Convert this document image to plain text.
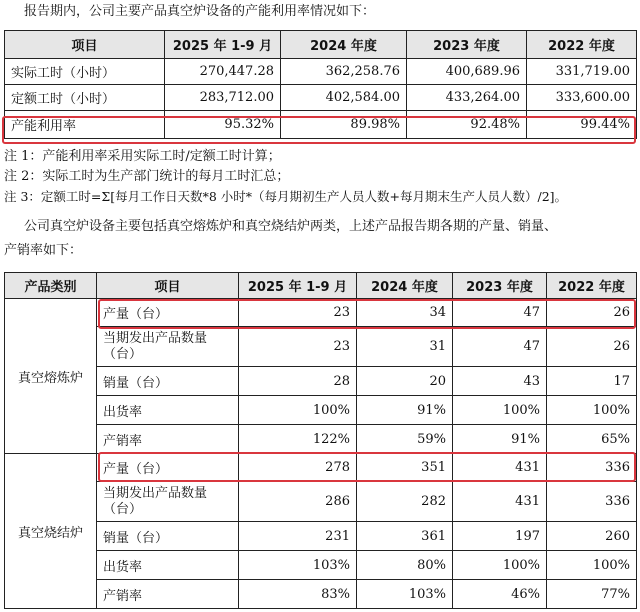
报告期内，公司主要产品真空炉设备的产能利用率情况如下：
项目	2025 年 1-9 月	2024 年度	2023 年度	2022 年度
实际工时（小时）	270,447.28	362,258.76	400,689.96	331,719.00
定额工时（小时）	283,712.00	402,584.00	433,264.00	333,600.00
产能利用率	95.32%	89.98%	92.48%	99.44%
注 1：产能利用率采用实际工时/定额工时计算；
注 2：实际工时为生产部门统计的每月工时汇总；
注 3：定额工时=Σ[每月工作日天数*8 小时*（每月期初生产人员人数+每月期末生产人员人数）/2]。
公司真空炉设备主要包括真空熔炼炉和真空烧结炉两类，上述产品报告期各期的产量、销量、
产销率如下：
产品类别	项目	2025 年 1-9 月	2024 年度	2023 年度	2022 年度
真空熔炼炉	产量（台）	23	34	47	26
	当期发出产品数量（台）	23	31	47	26
	销量（台）	28	20	43	17
	出货率	100%	91%	100%	100%
	产销率	122%	59%	91%	65%
真空烧结炉	产量（台）	278	351	431	336
	当期发出产品数量（台）	286	282	431	336
	销量（台）	231	361	197	260
	出货率	103%	80%	100%	100%
	产销率	83%	103%	46%	77%
